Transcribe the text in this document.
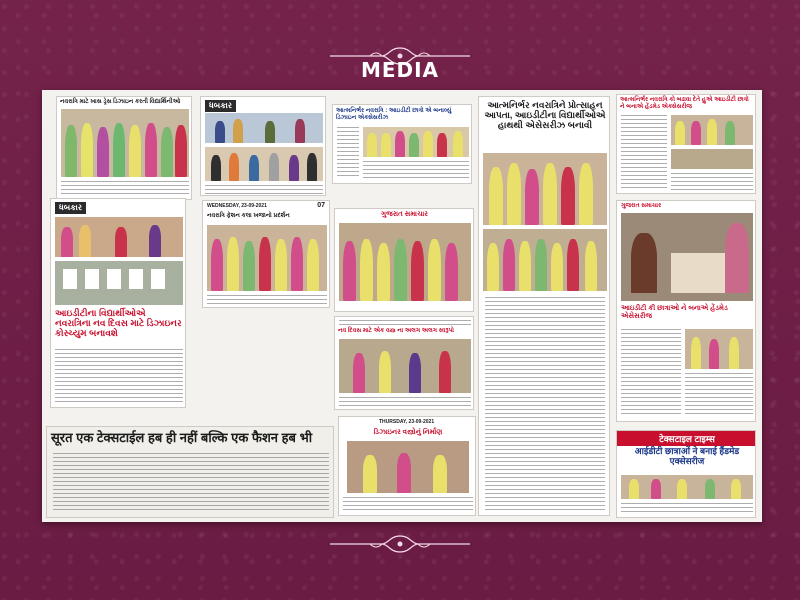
MEDIA
નવરાત્રિ માટે ખાસ ડ્રેસ ડિઝાઇન કરતી વિદ્યાર્થિનીઓ	ધબકાર
આત્મનિર્ભર નવરાત્રિ : આઇડીટી છાત્રો એ બનાવ્યું ડિઝાઇન એક્સેસરીઝ
આત્મનિર્ભર નવરાત્રિને પ્રોત્સાહન આપતા, આઇડીટીના વિદ્યાર્થીઓએ હાથથી એસેસરીઝ બનાવી
આત્મનિર્ભર નવરાત્રિ કો બઢાવા દેતે હુએ આઇડીટી છાત્રો ને બનાએ હેંડમેડ એક્સેસરીજ
ધબકાર
આઇડીટીના વિદ્યાર્થીઓએ નવરાત્રિના નવ દિવસ માટે ડિઝાઇનર કોસ્ચ્યુમ બનાવશે
WEDNESDAY, 23-09-2021	07
નવરાત્રિ ફેશન કલા ખજાનો પ્રદર્શન	ગુજરાત સમાચાર
નવ દિવસ માટે એક વસ્ત્ર ના અલગ અલગ સ્વરૂપો
ગુજરાત સમાચાર
આઇડીટી કી છાત્રાઓ ને બનાએ હેંડમેડ એસેસરીજ
सूरत एक टेक्सटाईल हब ही नहीं बल्कि एक फैशन हब भी
THURSDAY, 23-09-2021
ડિઝાઇનર વસ્ત્રોનું નિર્માણ
टेक्सटाइल टाइम्स
आईडीटी छात्राओं ने बनाई हैंडमेड एक्सेसरीज
